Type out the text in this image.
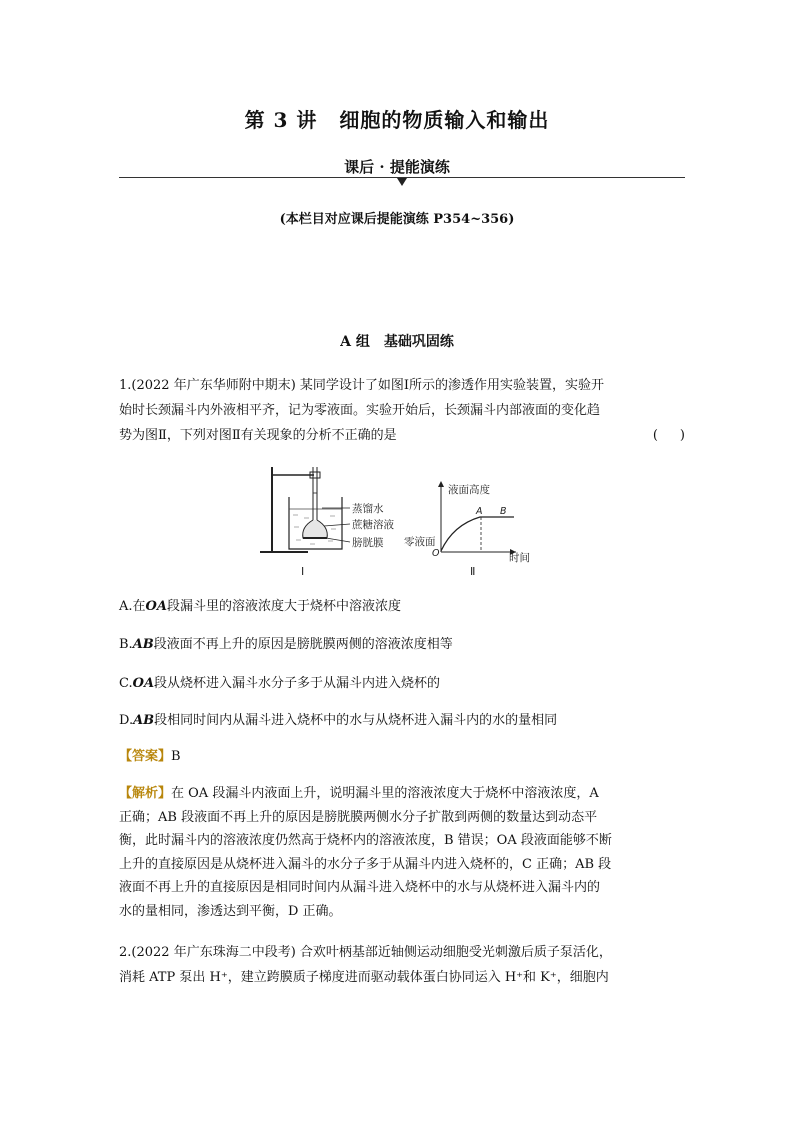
第 3 讲 细胞的物质输入和输出
课后 · 提能演练
(本栏目对应课后提能演练 P354~356)
A 组 基础巩固练
1.(2022 年广东华师附中期末) 某同学设计了如图Ⅰ所示的渗透作用实验装置，实验开
始时长颈漏斗内外液相平齐，记为零液面。实验开始后，长颈漏斗内部液面的变化趋
势为图Ⅱ，下列对图Ⅱ有关现象的分析不正确的是	( )
蒸馏水
蔗糖溶液
膀胱膜
Ⅰ
液面高度
时间
零液面
O
A B
Ⅱ
A.在OA段漏斗里的溶液浓度大于烧杯中溶液浓度
B.AB段液面不再上升的原因是膀胱膜两侧的溶液浓度相等
C.OA段从烧杯进入漏斗水分子多于从漏斗内进入烧杯的
D.AB段相同时间内从漏斗进入烧杯中的水与从烧杯进入漏斗内的水的量相同
【答案】B
【解析】在 OA 段漏斗内液面上升，说明漏斗里的溶液浓度大于烧杯中溶液浓度，A
正确；AB 段液面不再上升的原因是膀胱膜两侧水分子扩散到两侧的数量达到动态平
衡，此时漏斗内的溶液浓度仍然高于烧杯内的溶液浓度，B 错误；OA 段液面能够不断
上升的直接原因是从烧杯进入漏斗的水分子多于从漏斗内进入烧杯的，C 正确；AB 段
液面不再上升的直接原因是相同时间内从漏斗进入烧杯中的水与从烧杯进入漏斗内的
水的量相同，渗透达到平衡，D 正确。
2.(2022 年广东珠海二中段考) 合欢叶柄基部近轴侧运动细胞受光刺激后质子泵活化，
消耗 ATP 泵出 H⁺，建立跨膜质子梯度进而驱动载体蛋白协同运入 H⁺和 K⁺，细胞内
